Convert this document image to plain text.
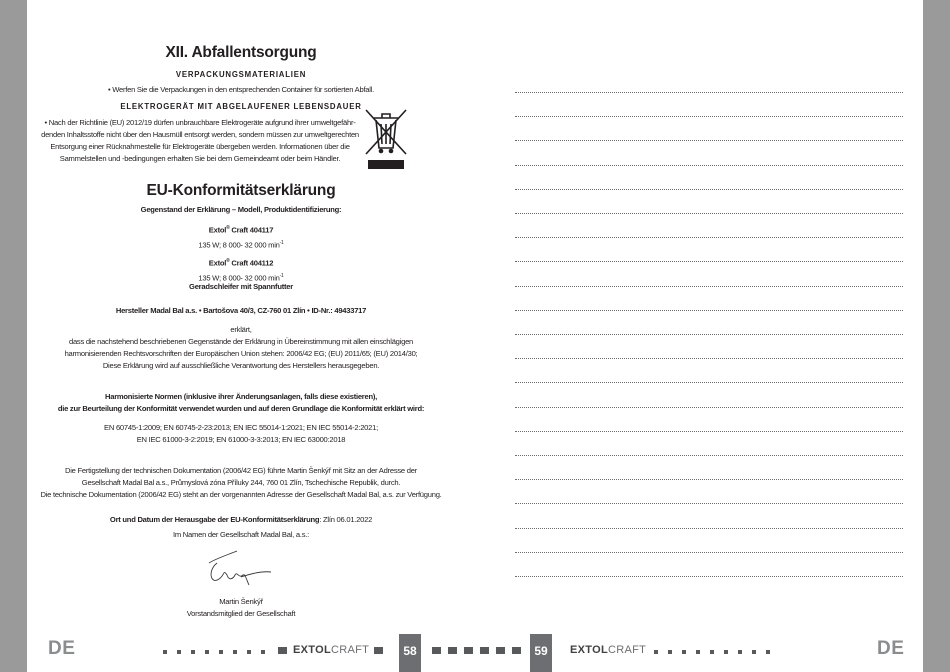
XII. Abfallentsorgung
VERPACKUNGSMATERIALIEN
• Werfen Sie die Verpackungen in den entsprechenden Container für sortierten Abfall.
ELEKTROGERÄT MIT ABGELAUFENER LEBENSDAUER
• Nach der Richtlinie (EU) 2012/19 dürfen unbrauchbare Elektrogeräte aufgrund ihrer umweltgefähr-
denden Inhaltsstoffe nicht über den Hausmüll entsorgt werden, sondern müssen zur umweltgerechten
Entsorgung einer Rücknahmestelle für Elektrogeräte übergeben werden. Informationen über die
Sammelstellen und -bedingungen erhalten Sie bei dem Gemeindeamt oder beim Händler.
EU-Konformitätserklärung
Gegenstand der Erklärung – Modell, Produktidentifizierung:
Extol® Craft 404117
135 W; 8 000- 32 000 $\min^{-1}$
Extol® Craft 404112
135 W; 8 000- 32 000 $\min^{-1}$
Geradschleifer mit Spannfutter
Hersteller Madal Bal a.s. • Bartošova 40/3, CZ-760 01 Zlín • ID-Nr.: 49433717
erklärt,
dass die nachstehend beschriebenen Gegenstände der Erklärung in Übereinstimmung mit allen einschlägigen
harmonisierenden Rechtsvorschriften der Europäischen Union stehen: 2006/42 EG; (EU) 2011/65; (EU) 2014/30;
Diese Erklärung wird auf ausschließliche Verantwortung des Herstellers herausgegeben.
Harmonisierte Normen (inklusive ihrer Änderungsanlagen, falls diese existieren),
die zur Beurteilung der Konformität verwendet wurden und auf deren Grundlage die Konformität erklärt wird:
EN 60745-1:2009; EN 60745-2-23:2013; EN IEC 55014-1:2021; EN IEC 55014-2:2021;
EN IEC 61000-3-2:2019; EN 61000-3-3:2013; EN IEC 63000:2018
Die Fertigstellung der technischen Dokumentation (2006/42 EG) führte Martin Šenkýř mit Sitz an der Adresse der
Gesellschaft Madal Bal a.s., Průmyslová zóna Příluky 244, 760 01 Zlín, Tschechische Republik, durch.
Die technische Dokumentation (2006/42 EG) steht an der vorgenannten Adresse der Gesellschaft Madal Bal, a.s. zur Verfügung.
Ort und Datum der Herausgabe der EU-Konformitätserklärung: Zlín 06.01.2022
Im Namen der Gesellschaft Madal Bal, a.s.:
Martin Šenkýř
Vorstandsmitglied der Gesellschaft
DE	DE
EXTOLCRAFT	EXTOLCRAFT
58	59
